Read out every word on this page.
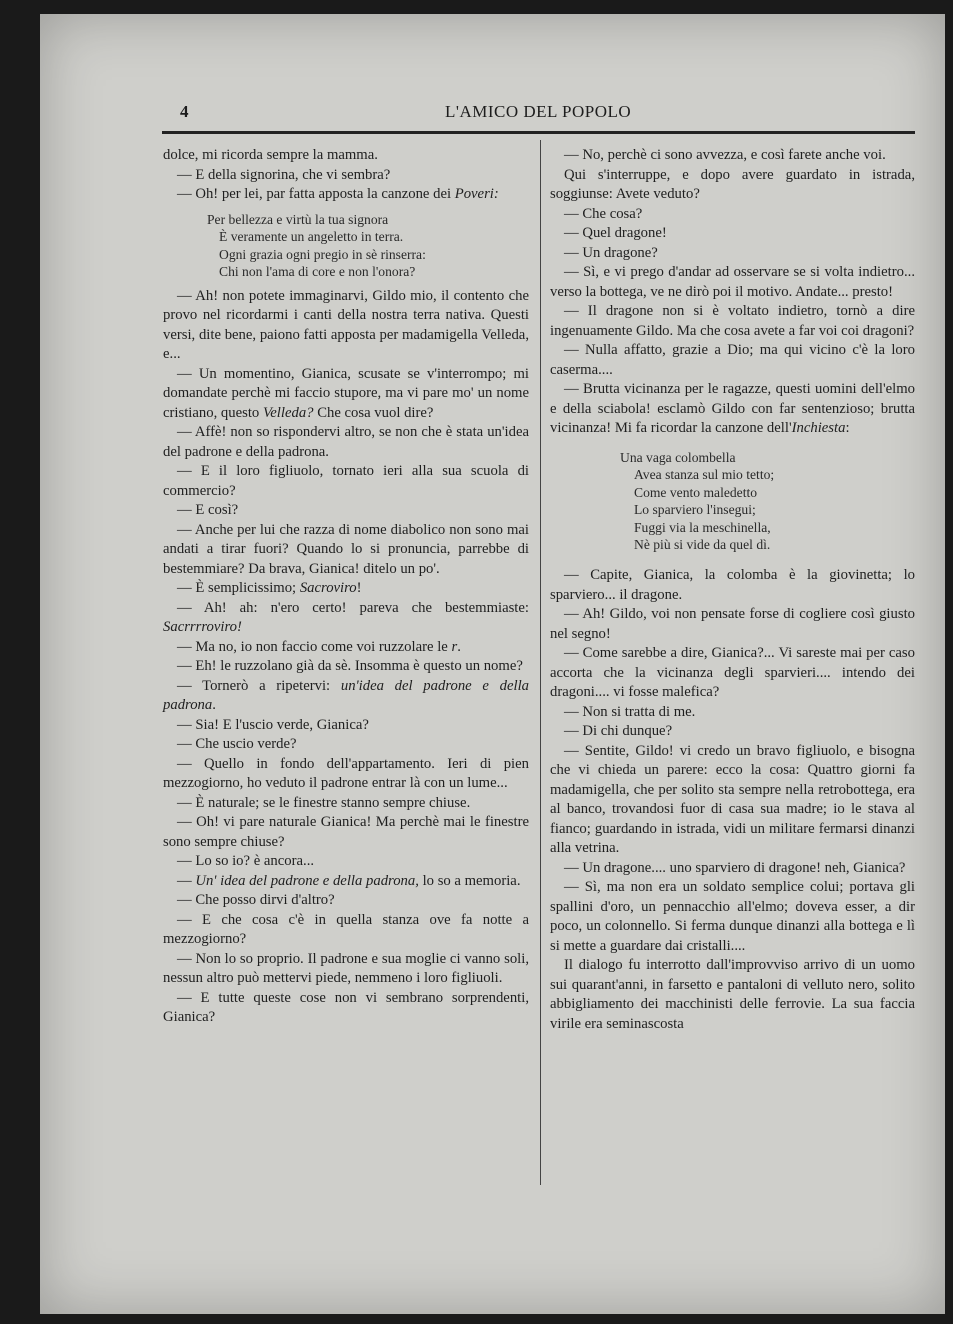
4	L'AMICO DEL POPOLO

dolce, mi ricorda sempre la mamma.

— E della signorina, che vi sembra?

— Oh! per lei, par fatta apposta la canzone dei Poveri:

Per bellezza e virtù la tua signora
È veramente un angeletto in terra.
Ogni grazia ogni pregio in sè rinserra:
Chi non l'ama di core e non l'onora?

— Ah! non potete immaginarvi, Gildo mio, il contento che provo nel ricordarmi i canti della nostra terra nativa. Questi versi, dite bene, paiono fatti apposta per madamigella Velleda, e...

— Un momentino, Gianica, scusate se v'interrompo; mi domandate perchè mi faccio stupore, ma vi pare mo' un nome cristiano, questo Velleda? Che cosa vuol dire?

— Affè! non so rispondervi altro, se non che è stata un'idea del padrone e della padrona.

— E il loro figliuolo, tornato ieri alla sua scuola di commercio?

— E così?

— Anche per lui che razza di nome diabolico non sono mai andati a tirar fuori? Quando lo si pronuncia, parrebbe di bestemmiare? Da brava, Gianica! ditelo un po'.

— È semplicissimo; Sacroviro!

— Ah! ah: n'ero certo! pareva che bestemmiaste: Sacrrrroviro!

— Ma no, io non faccio come voi ruzzolare le r.

— Eh! le ruzzolano già da sè. Insomma è questo un nome?

— Tornerò a ripetervi: un'idea del padrone e della padrona.

— Sia! E l'uscio verde, Gianica?

— Che uscio verde?

— Quello in fondo dell'appartamento. Ieri di pien mezzogiorno, ho veduto il padrone entrar là con un lume...

— È naturale; se le finestre stanno sempre chiuse.

— Oh! vi pare naturale Gianica! Ma perchè mai le finestre sono sempre chiuse?

— Lo so io? è ancora...

— Un' idea del padrone e della padrona, lo so a memoria.

— Che posso dirvi d'altro?

— E che cosa c'è in quella stanza ove fa notte a mezzogiorno?

— Non lo so proprio. Il padrone e sua moglie ci vanno soli, nessun altro può mettervi piede, nemmeno i loro figliuoli.

— E tutte queste cose non vi sembrano sorprendenti, Gianica?

— No, perchè ci sono avvezza, e così farete anche voi.

Qui s'interruppe, e dopo avere guardato in istrada, soggiunse: Avete veduto?

— Che cosa?

— Quel dragone!

— Un dragone?

— Sì, e vi prego d'andar ad osservare se si volta indietro... verso la bottega, ve ne dirò poi il motivo. Andate... presto!

— Il dragone non si è voltato indietro, tornò a dire ingenuamente Gildo. Ma che cosa avete a far voi coi dragoni?

— Nulla affatto, grazie a Dio; ma qui vicino c'è la loro caserma....

— Brutta vicinanza per le ragazze, questi uomini dell'elmo e della sciabola! esclamò Gildo con far sentenzioso; brutta vicinanza! Mi fa ricordar la canzone dell'Inchiesta:

Una vaga colombella
Avea stanza sul mio tetto;
Come vento maledetto
Lo sparviero l'insegui;
Fuggi via la meschinella,
Nè più si vide da quel dì.

— Capite, Gianica, la colomba è la giovinetta; lo sparviero... il dragone.

— Ah! Gildo, voi non pensate forse di cogliere così giusto nel segno!

— Come sarebbe a dire, Gianica?... Vi sareste mai per caso accorta che la vicinanza degli sparvieri.... intendo dei dragoni.... vi fosse malefica?

— Non si tratta di me.

— Di chi dunque?

— Sentite, Gildo! vi credo un bravo figliuolo, e bisogna che vi chieda un parere: ecco la cosa: Quattro giorni fa madamigella, che per solito sta sempre nella retrobottega, era al banco, trovandosi fuor di casa sua madre; io le stava al fianco; guardando in istrada, vidi un militare fermarsi dinanzi alla vetrina.

— Un dragone.... uno sparviero di dragone! neh, Gianica?

— Sì, ma non era un soldato semplice colui; portava gli spallini d'oro, un pennacchio all'elmo; doveva esser, a dir poco, un colonnello. Si ferma dunque dinanzi alla bottega e lì si mette a guardare dai cristalli....

Il dialogo fu interrotto dall'improvviso arrivo di un uomo sui quarant'anni, in farsetto e pantaloni di velluto nero, solito abbigliamento dei macchinisti delle ferrovie. La sua faccia virile era seminascosta
